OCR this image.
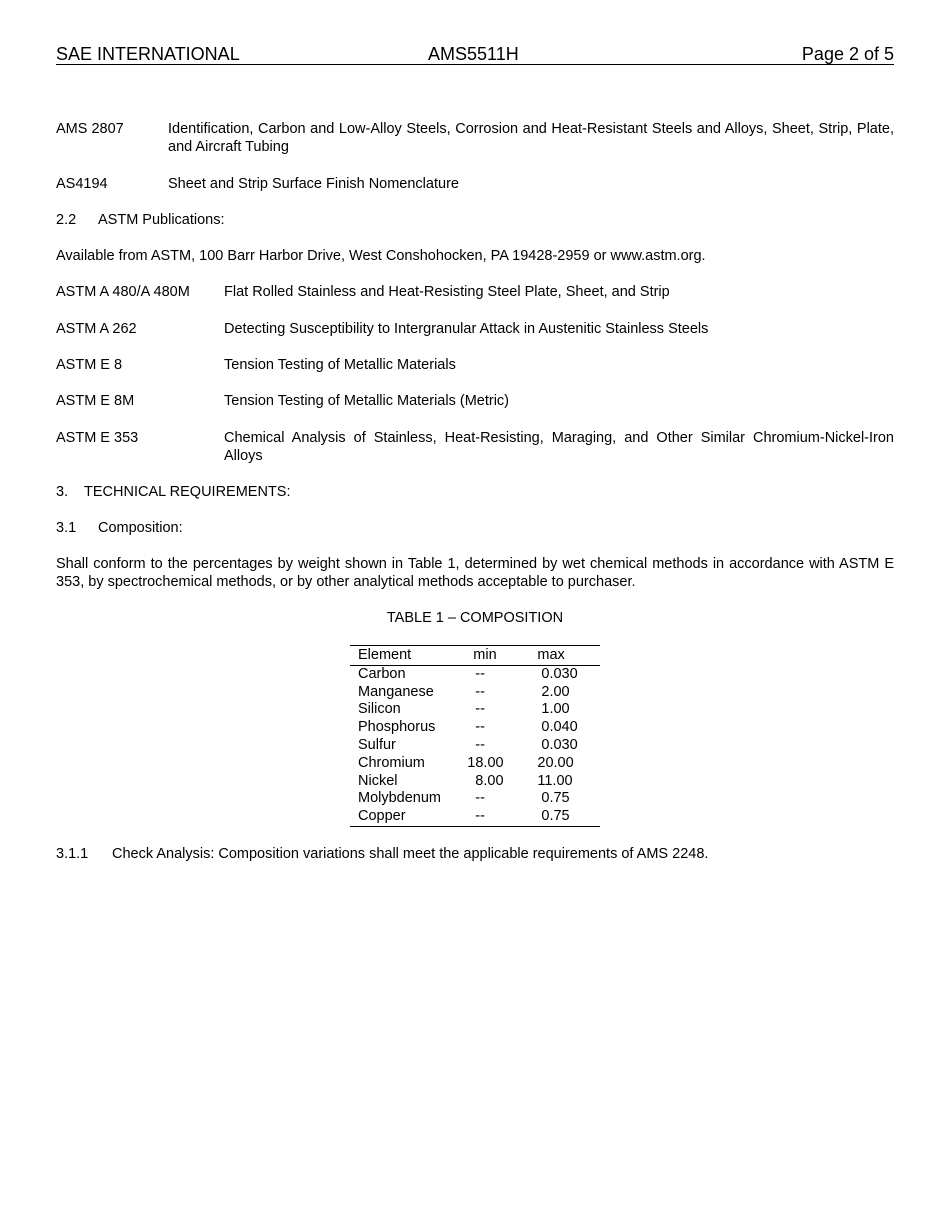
SAE INTERNATIONAL	AMS5511H	Page 2 of 5
AMS 2807	Identification, Carbon and Low-Alloy Steels, Corrosion and Heat-Resistant Steels and Alloys, Sheet, Strip, Plate, and Aircraft Tubing
AS4194	Sheet and Strip Surface Finish Nomenclature
2.2 ASTM Publications:
Available from ASTM, 100 Barr Harbor Drive, West Conshohocken, PA 19428-2959 or www.astm.org.
ASTM A 480/A 480M Flat Rolled Stainless and Heat-Resisting Steel Plate, Sheet, and Strip
ASTM A 262	Detecting Susceptibility to Intergranular Attack in Austenitic Stainless Steels
ASTM E 8	Tension Testing of Metallic Materials
ASTM E 8M	Tension Testing of Metallic Materials (Metric)
ASTM E 353	Chemical Analysis of Stainless, Heat-Resisting, Maraging, and Other Similar Chromium-Nickel-Iron Alloys
3. TECHNICAL REQUIREMENTS:
3.1 Composition:
Shall conform to the percentages by weight shown in Table 1, determined by wet chemical methods in accordance with ASTM E 353, by spectrochemical methods, or by other analytical methods acceptable to purchaser.
TABLE 1 – COMPOSITION
Element	min	max
Carbon	--	0.030
Manganese	--	2.00
Silicon	--	1.00
Phosphorus	--	0.040
Sulfur	--	0.030
Chromium	18.00	20.00
Nickel	8.00	11.00
Molybdenum	--	0.75
Copper	--	0.75
3.1.1 Check Analysis: Composition variations shall meet the applicable requirements of AMS 2248.
